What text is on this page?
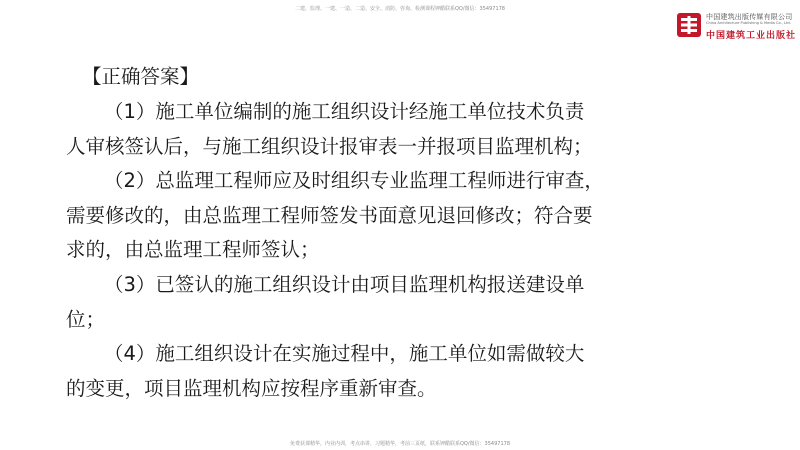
二建、监理、一建、一造、二造、安全、消防、咨询、检测课程钾醋联系QQ/微信：35497178
中国建筑出版传媒有限公司
China Architecture Publishing & Media Co., Ltd.
中国建筑工业出版社
【正确答案】
（1）施工单位编制的施工组织设计经施工单位技术负责
人审核签认后，与施工组织设计报审表一并报项目监理机构；
（2）总监理工程师应及时组织专业监理工程师进行审查，
需要修改的，由总监理工程师签发书面意见退回修改；符合要
求的，由总监理工程师签认；
（3）已签认的施工组织设计由项目监理机构报送建设单
位；
（4）施工组织设计在实施过程中，施工单位如需做较大
的变更，项目监理机构应按程序重新审查。
免费获课精华，内业内训，考点串讲，习题精华，考前三页纸，联系钾醋联系QQ/微信：35497178
